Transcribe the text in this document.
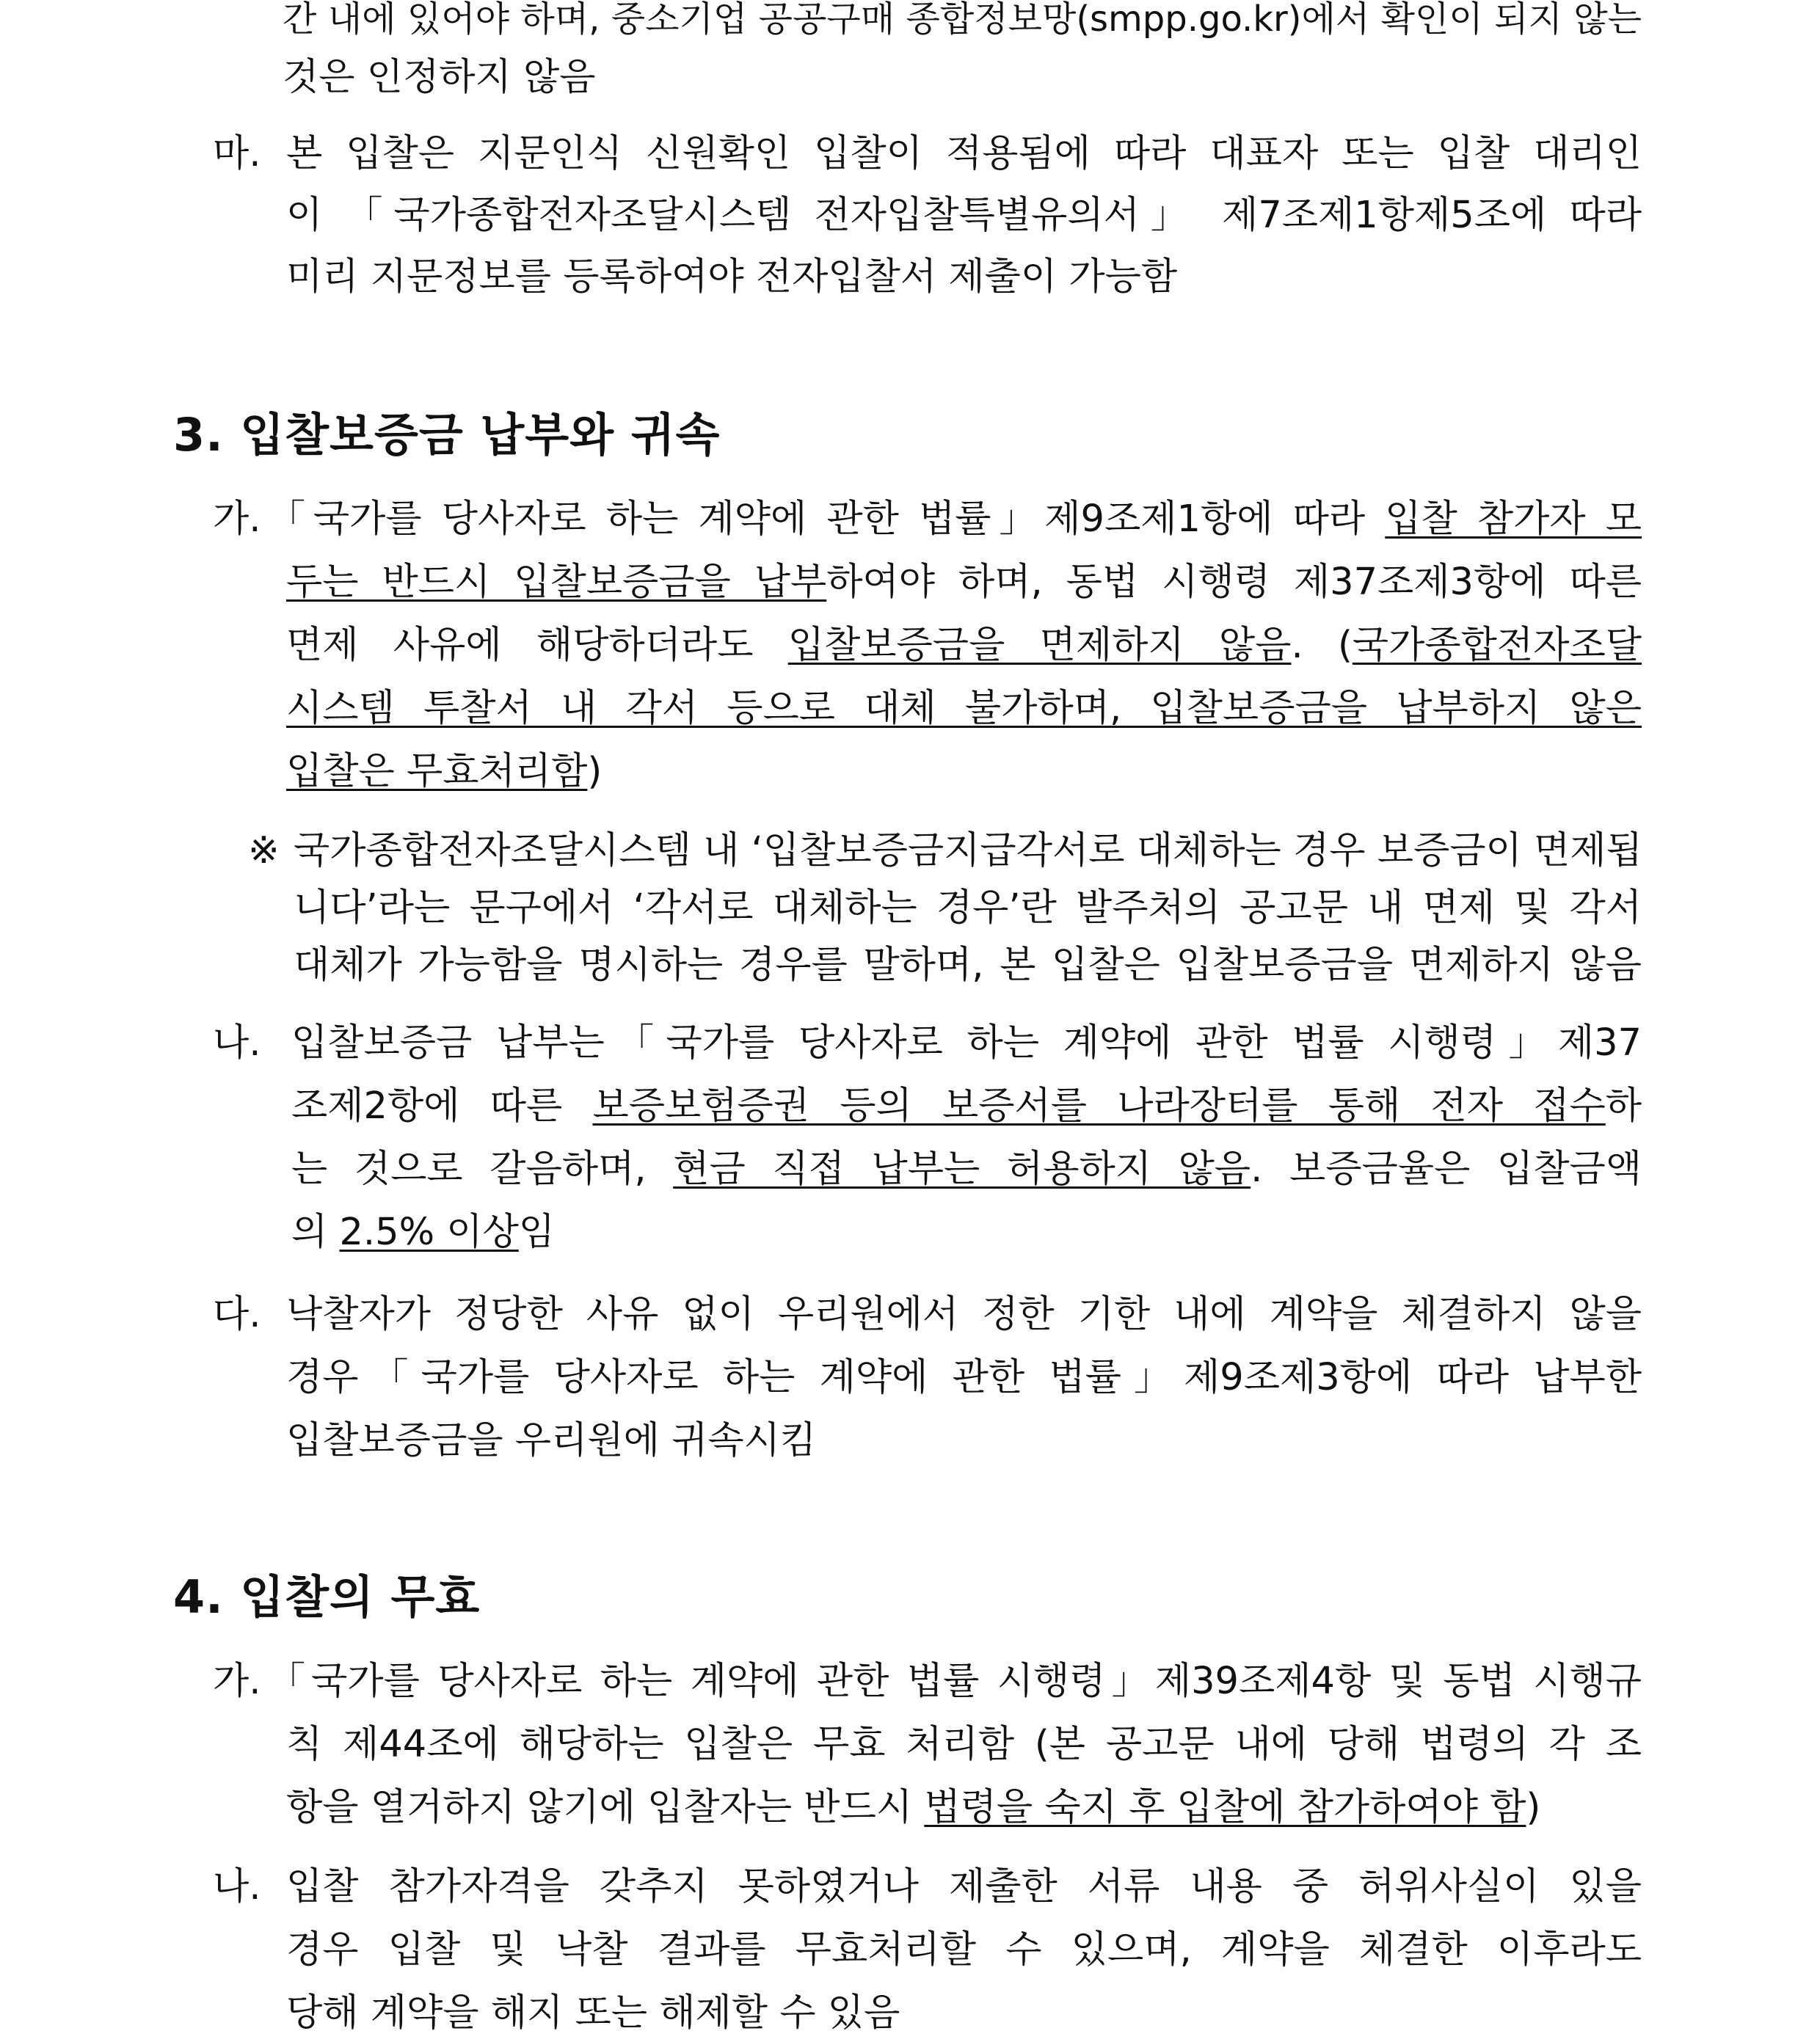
간 내에 있어야 하며, 중소기업 공공구매 종합정보망(smpp.go.kr)에서 확인이 되지 않는
것은 인정하지 않음
마. 본 입찰은 지문인식 신원확인 입찰이 적용됨에 따라 대표자 또는 입찰 대리인
이 「국가종합전자조달시스템 전자입찰특별유의서」 제7조제1항제5조에 따라
미리 지문정보를 등록하여야 전자입찰서 제출이 가능함
3. 입찰보증금 납부와 귀속
가. 「국가를 당사자로 하는 계약에 관한 법률」제9조제1항에 따라 입찰 참가자 모
두는 반드시 입찰보증금을 납부하여야 하며, 동법 시행령 제37조제3항에 따른
면제 사유에 해당하더라도 입찰보증금을 면제하지 않음. (국가종합전자조달
시스템 투찰서 내 각서 등으로 대체 불가하며, 입찰보증금을 납부하지 않은
입찰은 무효처리함)
※ 국가종합전자조달시스템 내 ‘입찰보증금지급각서로 대체하는 경우 보증금이 면제됩
니다’라는 문구에서 ‘각서로 대체하는 경우’란 발주처의 공고문 내 면제 및 각서
대체가 가능함을 명시하는 경우를 말하며, 본 입찰은 입찰보증금을 면제하지 않음
나. 입찰보증금 납부는「국가를 당사자로 하는 계약에 관한 법률 시행령」제37
조제2항에 따른 보증보험증권 등의 보증서를 나라장터를 통해 전자 접수하
는 것으로 갈음하며, 현금 직접 납부는 허용하지 않음. 보증금율은 입찰금액
의 2.5% 이상임
다. 낙찰자가 정당한 사유 없이 우리원에서 정한 기한 내에 계약을 체결하지 않을
경우「국가를 당사자로 하는 계약에 관한 법률」제9조제3항에 따라 납부한
입찰보증금을 우리원에 귀속시킴
4. 입찰의 무효
가. 「국가를 당사자로 하는 계약에 관한 법률 시행령」제39조제4항 및 동법 시행규
칙 제44조에 해당하는 입찰은 무효 처리함 (본 공고문 내에 당해 법령의 각 조
항을 열거하지 않기에 입찰자는 반드시 법령을 숙지 후 입찰에 참가하여야 함)
나. 입찰 참가자격을 갖추지 못하였거나 제출한 서류 내용 중 허위사실이 있을
경우 입찰 및 낙찰 결과를 무효처리할 수 있으며, 계약을 체결한 이후라도
당해 계약을 해지 또는 해제할 수 있음
